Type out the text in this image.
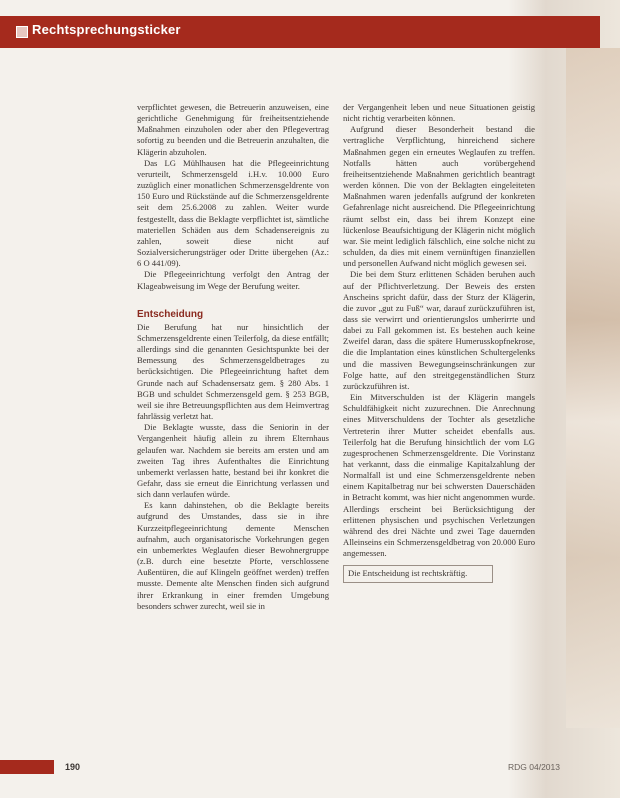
Rechtsprechungsticker

verpflichtet gewesen, die Betreuerin anzuweisen, eine gerichtliche Genehmigung für freiheitsentziehende Maßnahmen einzuholen oder aber den Pflegevertrag sofortig zu beenden und die Betreuerin anzuhalten, die Klägerin abzuholen.

Das LG Mühlhausen hat die Pflegeeinrichtung verurteilt, Schmerzensgeld i.H.v. 10.000 Euro zuzüglich einer monatlichen Schmerzensgeldrente von 150 Euro und Rückstände auf die Schmerzensgeldrente seit dem 25.6.2008 zu zahlen. Weiter wurde festgestellt, dass die Beklagte verpflichtet ist, sämtliche materiellen Schäden aus dem Schadensereignis zu zahlen, soweit diese nicht auf Sozialversicherungsträger oder Dritte übergehen (Az.: 6 O 441/09).

Die Pflegeeinrichtung verfolgt den Antrag der Klageabweisung im Wege der Berufung weiter.

Entscheidung

Die Berufung hat nur hinsichtlich der Schmerzensgeldrente einen Teilerfolg, da diese entfällt; allerdings sind die genannten Gesichtspunkte bei der Bemessung des Schmerzensgeldbetrages zu berücksichtigen. Die Pflegeeinrichtung haftet dem Grunde nach auf Schadensersatz gem. § 280 Abs. 1 BGB und schuldet Schmerzensgeld gem. § 253 BGB, weil sie ihre Betreuungspflichten aus dem Heimvertrag fahrlässig verletzt hat.

Die Beklagte wusste, dass die Seniorin in der Vergangenheit häufig allein zu ihrem Elternhaus gelaufen war. Nachdem sie bereits am ersten und am zweiten Tag ihres Aufenthaltes die Einrichtung unbemerkt verlassen hatte, bestand bei ihr konkret die Gefahr, dass sie erneut die Einrichtung verlassen und sich dann verlaufen würde.

Es kann dahinstehen, ob die Beklagte bereits aufgrund des Umstandes, dass sie in ihre Kurzzeitpflegeeinrichtung demente Menschen aufnahm, auch organisatorische Vorkehrungen gegen ein unbemerktes Weglaufen dieser Bewohnergruppe (z.B. durch eine besetzte Pforte, verschlossene Außentüren, die auf Klingeln geöffnet werden) treffen musste. Demente alte Menschen finden sich aufgrund ihrer Erkrankung in einer fremden Umgebung besonders schwer zurecht, weil sie in

der Vergangenheit leben und neue Situationen geistig nicht richtig verarbeiten können.

Aufgrund dieser Besonderheit bestand die vertragliche Verpflichtung, hinreichend sichere Maßnahmen gegen ein erneutes Weglaufen zu treffen. Notfalls hätten auch vorübergehend freiheitsentziehende Maßnahmen gerichtlich beantragt werden können. Die von der Beklagten eingeleiteten Maßnahmen waren jedenfalls aufgrund der konkreten Gefahrenlage nicht ausreichend. Die Pflegeeinrichtung räumt selbst ein, dass bei ihrem Konzept eine lückenlose Beaufsichtigung der Klägerin nicht möglich war. Sie meint lediglich fälschlich, eine solche nicht zu schulden, da dies mit einem vernünftigen finanziellen und personellen Aufwand nicht möglich gewesen sei.

Die bei dem Sturz erlittenen Schäden beruhen auch auf der Pflichtverletzung. Der Beweis des ersten Anscheins spricht dafür, dass der Sturz der Klägerin, die zuvor „gut zu Fuß“ war, darauf zurückzuführen ist, dass sie verwirrt und orientierungslos umherirrte und dabei zu Fall gekommen ist. Es bestehen auch keine Zweifel daran, dass die spätere Humerusskopfnekrose, die die Implantation eines künstlichen Schultergelenks und die massiven Bewegungseinschränkungen zur Folge hatte, auf den streitgegenständlichen Sturz zurückzuführen ist.

Ein Mitverschulden ist der Klägerin mangels Schuldfähigkeit nicht zuzurechnen. Die Anrechnung eines Mitverschuldens der Tochter als gesetzliche Vertreterin ihrer Mutter scheidet ebenfalls aus. Teilerfolg hat die Berufung hinsichtlich der vom LG zugesprochenen Schmerzensgeldrente. Die Vorinstanz hat verkannt, dass die einmalige Kapitalzahlung der Normalfall ist und eine Schmerzensgeldrente neben einem Kapitalbetrag nur bei schwersten Dauerschäden in Betracht kommt, was hier nicht angenommen wurde. Allerdings erscheint bei Berücksichtigung der erlittenen physischen und psychischen Verletzungen während des drei Nächte und zwei Tage dauernden Alleinseins ein Schmerzensgeldbetrag von 20.000 Euro angemessen.

Die Entscheidung ist rechtskräftig.
190	RDG 04/2013
